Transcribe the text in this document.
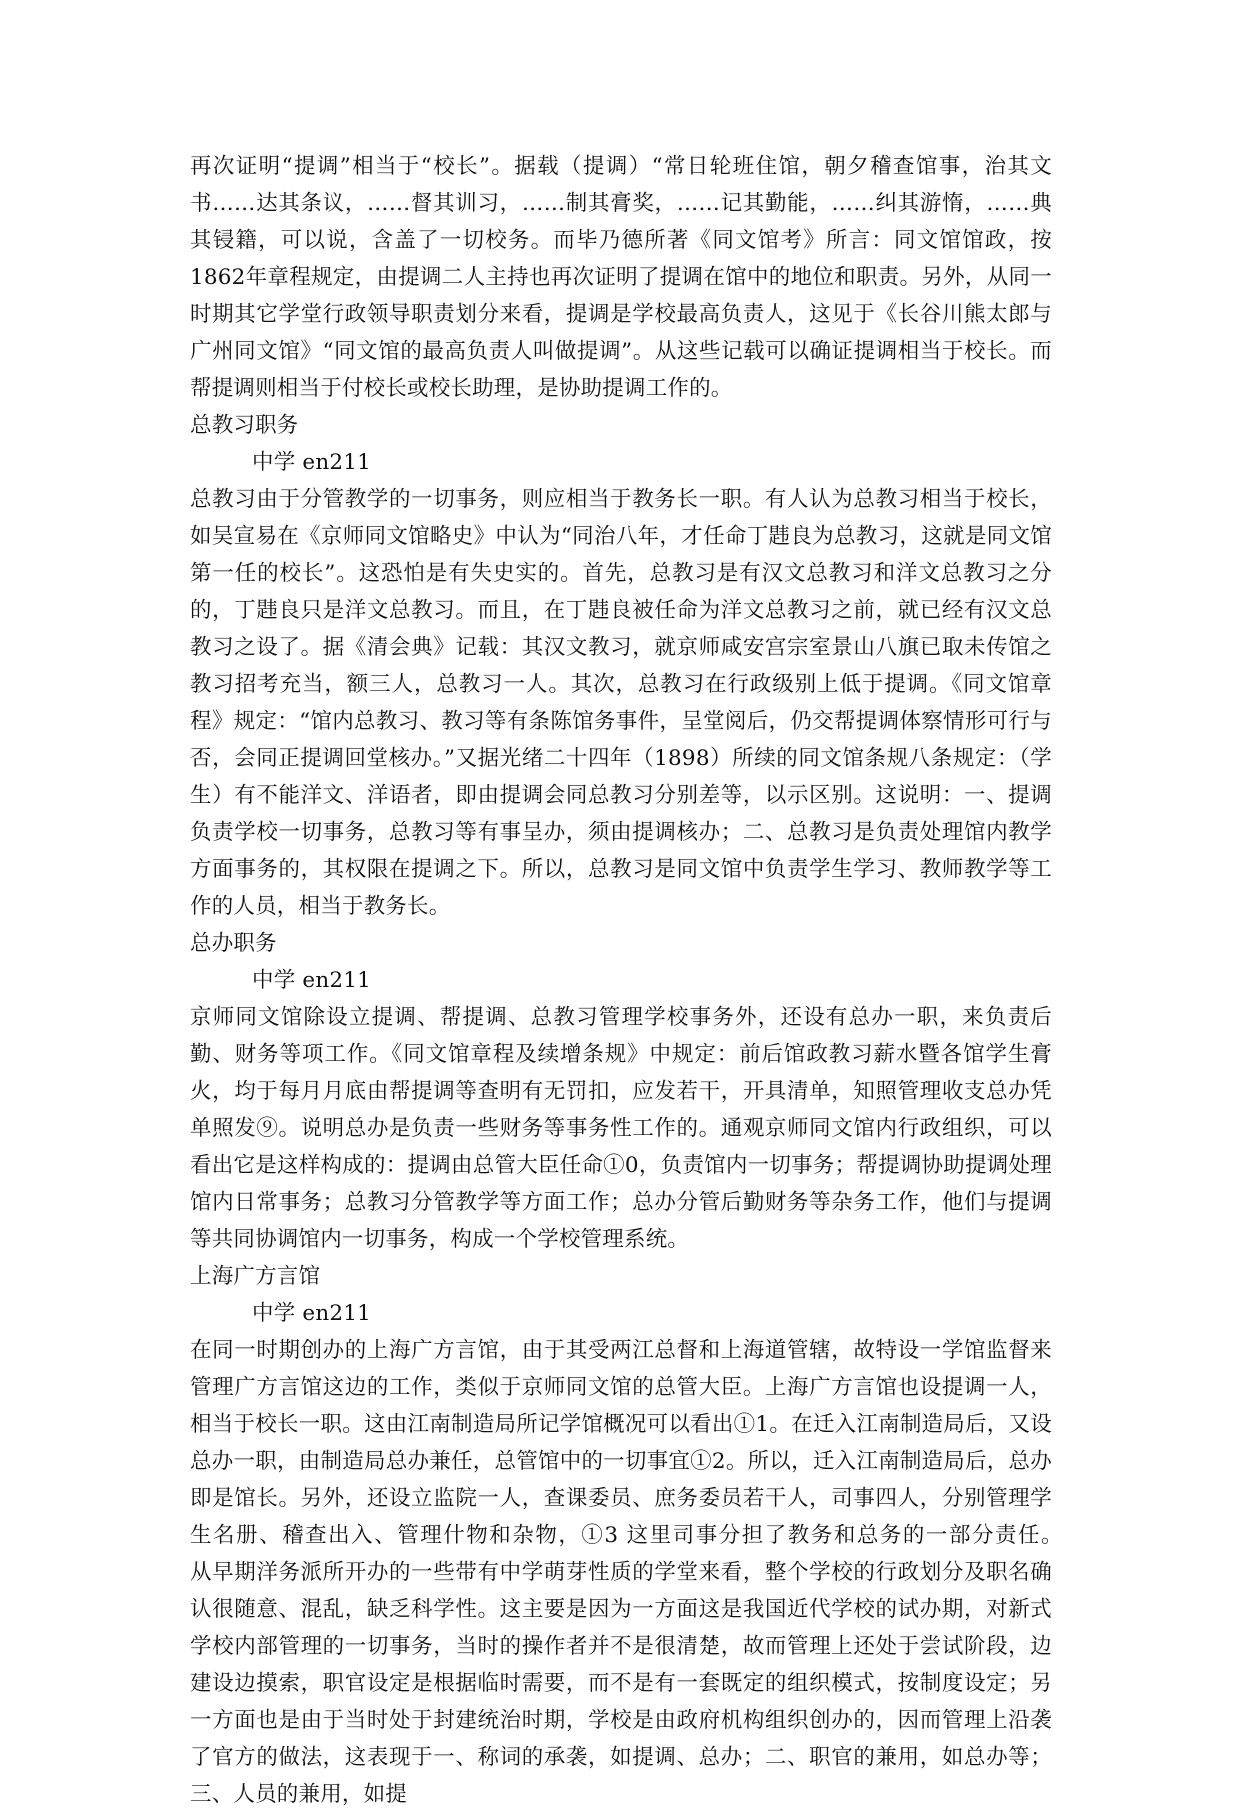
再次证明“提调”相当于“校长”。据载（提调）“常日轮班住馆，朝夕稽查馆事，治其文书……达其条议，……督其训习，……制其膏奖，……记其勤能，……纠其游惰，……典其锓籍，可以说，含盖了一切校务。而毕乃德所著《同文馆考》所言：同文馆馆政，按1862年章程规定，由提调二人主持也再次证明了提调在馆中的地位和职责。另外，从同一时期其它学堂行政领导职责划分来看，提调是学校最高负责人，这见于《长谷川熊太郎与广州同文馆》“同文馆的最高负责人叫做提调”。从这些记载可以确证提调相当于校长。而帮提调则相当于付校长或校长助理，是协助提调工作的。

总教习职务

中学 en211

总教习由于分管教学的一切事务，则应相当于教务长一职。有人认为总教习相当于校长，如吴宣易在《京师同文馆略史》中认为“同治八年，才任命丁韪良为总教习，这就是同文馆第一任的校长”。这恐怕是有失史实的。首先，总教习是有汉文总教习和洋文总教习之分的，丁韪良只是洋文总教习。而且，在丁韪良被任命为洋文总教习之前，就已经有汉文总教习之设了。据《清会典》记载：其汉文教习，就京师咸安宫宗室景山八旗已取未传馆之教习招考充当，额三人，总教习一人。其次，总教习在行政级别上低于提调。《同文馆章程》规定：“馆内总教习、教习等有条陈馆务事件，呈堂阅后，仍交帮提调体察情形可行与否，会同正提调回堂核办。”又据光绪二十四年（1898）所续的同文馆条规八条规定：（学生）有不能洋文、洋语者，即由提调会同总教习分别差等，以示区别。这说明：一、提调负责学校一切事务，总教习等有事呈办，须由提调核办；二、总教习是负责处理馆内教学方面事务的，其权限在提调之下。所以，总教习是同文馆中负责学生学习、教师教学等工作的人员，相当于教务长。

总办职务

中学 en211

京师同文馆除设立提调、帮提调、总教习管理学校事务外，还设有总办一职，来负责后勤、财务等项工作。《同文馆章程及续增条规》中规定：前后馆政教习薪水暨各馆学生膏火，均于每月月底由帮提调等查明有无罚扣，应发若干，开具清单，知照管理收支总办凭单照发⑨。说明总办是负责一些财务等事务性工作的。通观京师同文馆内行政组织，可以看出它是这样构成的：提调由总管大臣任命①0，负责馆内一切事务；帮提调协助提调处理馆内日常事务；总教习分管教学等方面工作；总办分管后勤财务等杂务工作，他们与提调等共同协调馆内一切事务，构成一个学校管理系统。

上海广方言馆

中学 en211

在同一时期创办的上海广方言馆，由于其受两江总督和上海道管辖，故特设一学馆监督来管理广方言馆这边的工作，类似于京师同文馆的总管大臣。上海广方言馆也设提调一人，相当于校长一职。这由江南制造局所记学馆概况可以看出①1。在迁入江南制造局后，又设总办一职，由制造局总办兼任，总管馆中的一切事宜①2。所以，迁入江南制造局后，总办即是馆长。另外，还设立监院一人，查课委员、庶务委员若干人，司事四人，分别管理学生名册、稽查出入、管理什物和杂物，①3 这里司事分担了教务和总务的一部分责任。　　　从早期洋务派所开办的一些带有中学萌芽性质的学堂来看，整个学校的行政划分及职名确认很随意、混乱，缺乏科学性。这主要是因为一方面这是我国近代学校的试办期，对新式学校内部管理的一切事务，当时的操作者并不是很清楚，故而管理上还处于尝试阶段，边建设边摸索，职官设定是根据临时需要，而不是有一套既定的组织模式，按制度设定；另一方面也是由于当时处于封建统治时期，学校是由政府机构组织创办的，因而管理上沿袭了官方的做法，这表现于一、称词的承袭，如提调、总办；二、职官的兼用，如总办等；三、人员的兼用，如提
